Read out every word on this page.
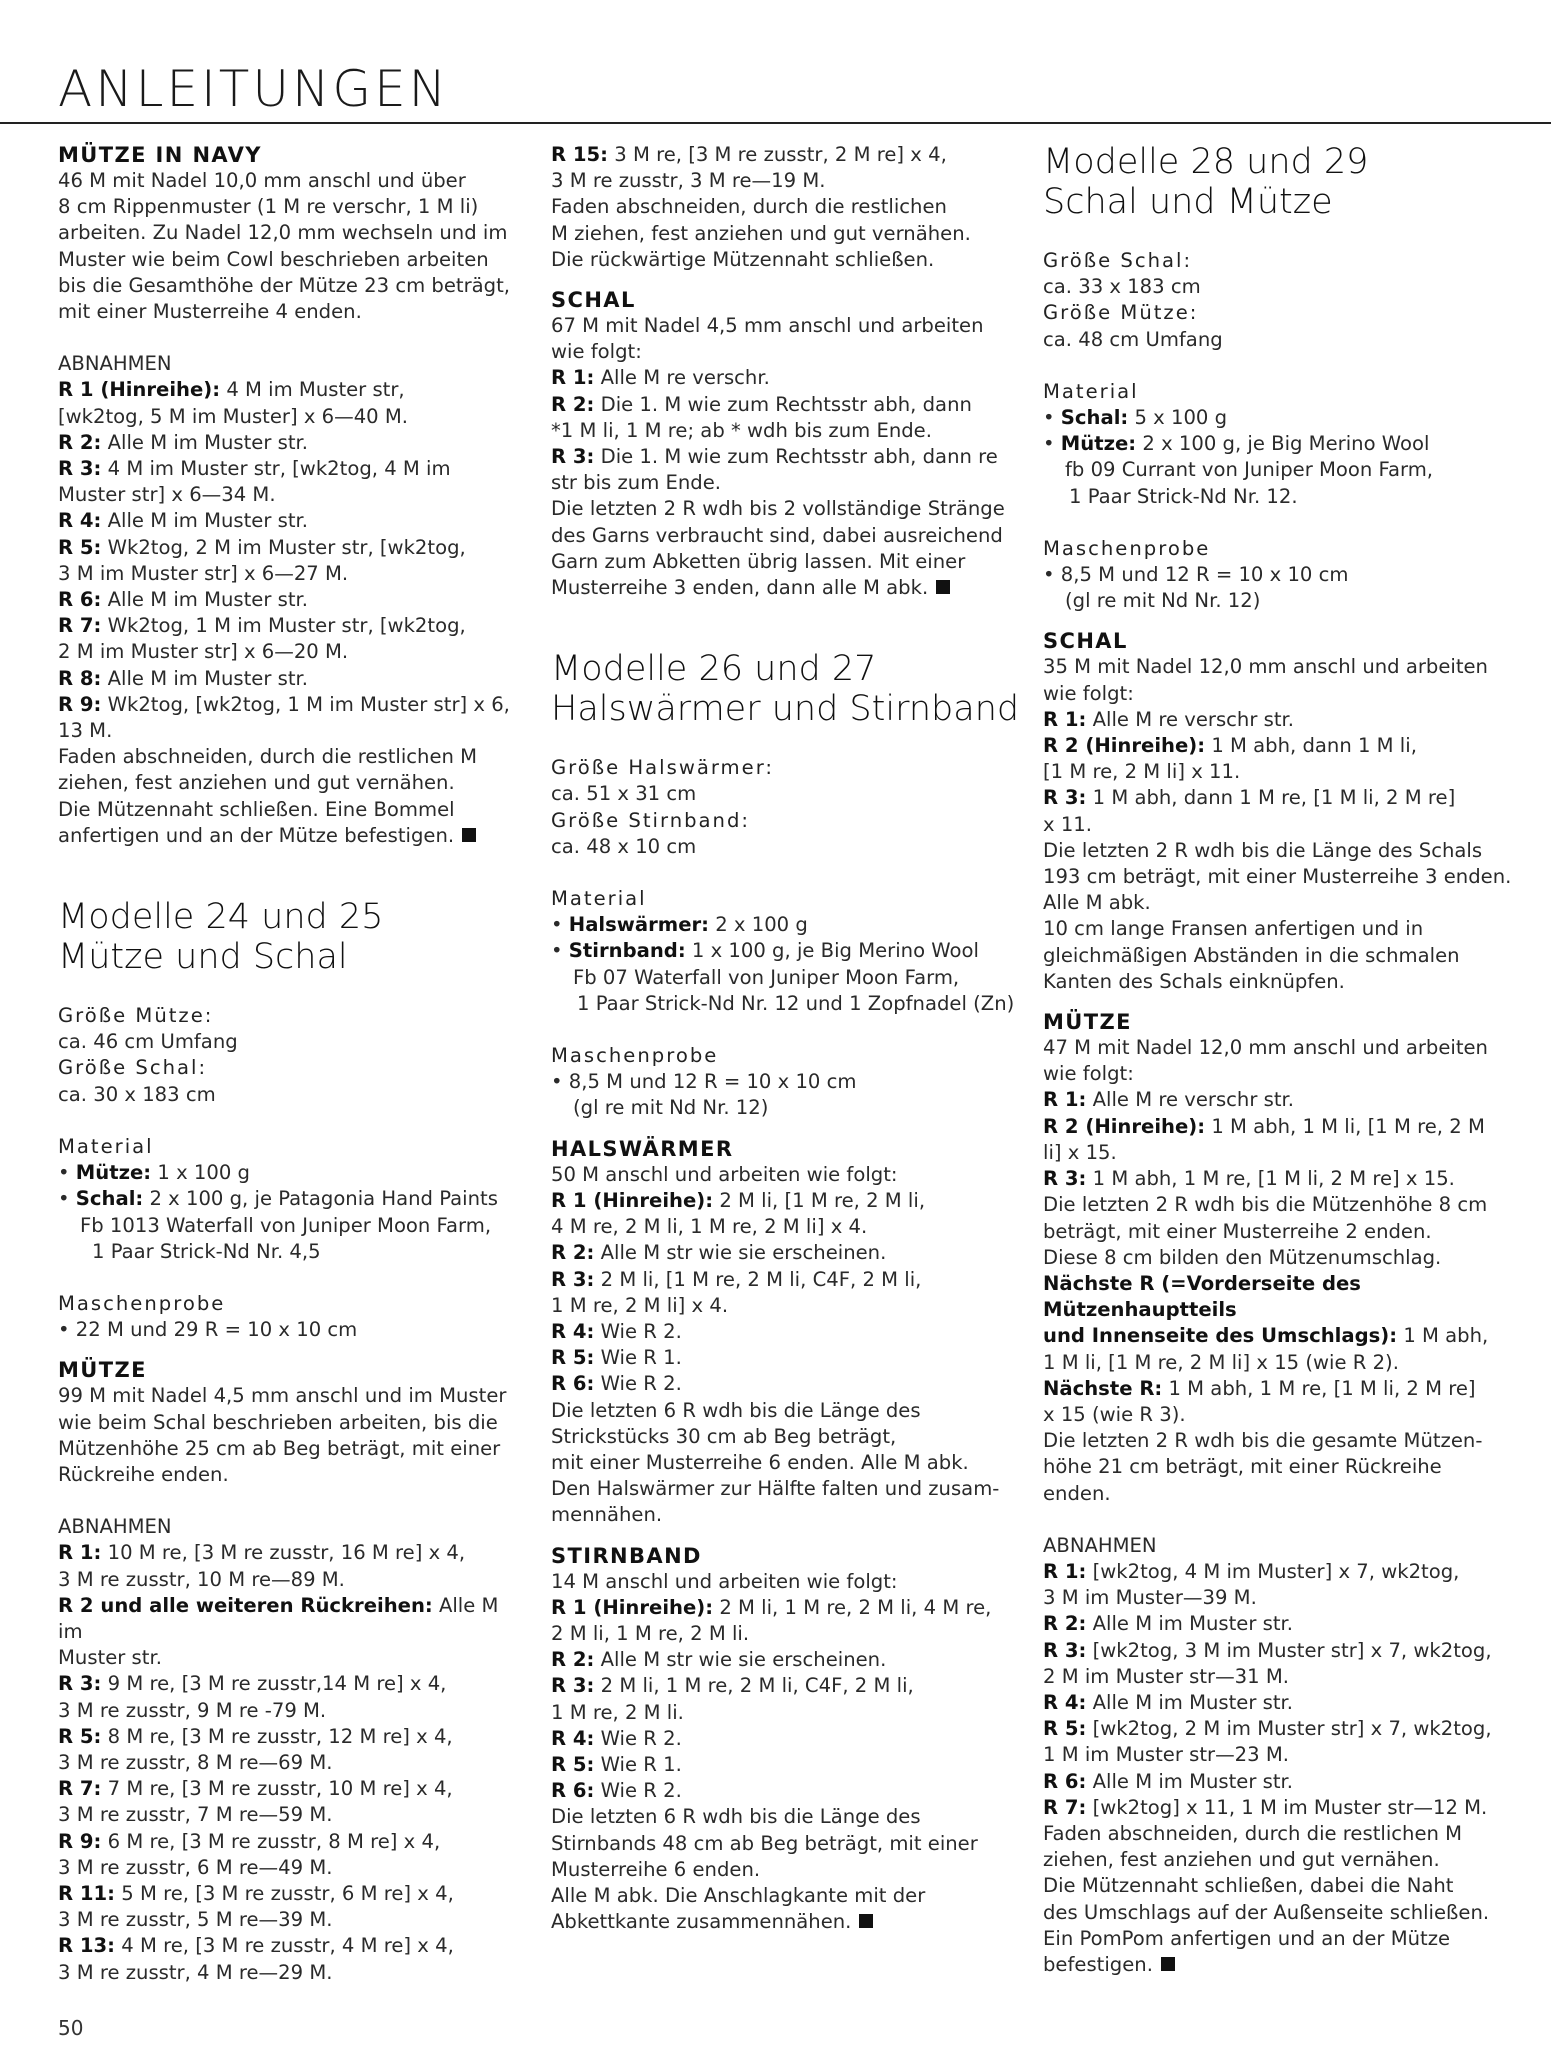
ANLEITUNGEN

MÜTZE IN NAVY

46 M mit Nadel 10,0 mm anschl und über

8 cm Rippenmuster (1 M re verschr, 1 M li)

arbeiten. Zu Nadel 12,0 mm wechseln und im

Muster wie beim Cowl beschrieben arbeiten

bis die Gesamthöhe der Mütze 23 cm beträgt,

mit einer Musterreihe 4 enden.

ABNAHMEN

R 1 (Hinreihe): 4 M im Muster str,

[wk2tog, 5 M im Muster] x 6—40 M.

R 2: Alle M im Muster str.

R 3: 4 M im Muster str, [wk2tog, 4 M im

Muster str] x 6—34 M.

R 4: Alle M im Muster str.

R 5: Wk2tog, 2 M im Muster str, [wk2tog,

3 M im Muster str] x 6—27 M.

R 6: Alle M im Muster str.

R 7: Wk2tog, 1 M im Muster str, [wk2tog,

2 M im Muster str] x 6—20 M.

R 8: Alle M im Muster str.

R 9: Wk2tog, [wk2tog, 1 M im Muster str] x 6,

13 M.

Faden abschneiden, durch die restlichen M

ziehen, fest anziehen und gut vernähen.

Die Mützennaht schließen. Eine Bommel

anfertigen und an der Mütze befestigen.

Modelle 24 und 25

Mütze und Schal

Größe Mütze:

ca. 46 cm Umfang

Größe Schal:

ca. 30 x 183 cm

Material

• Mütze: 1 x 100 g

• Schal: 2 x 100 g, je Patagonia Hand Paints

Fb 1013 Waterfall von Juniper Moon Farm,

1 Paar Strick-Nd Nr. 4,5

Maschenprobe

• 22 M und 29 R = 10 x 10 cm

MÜTZE

99 M mit Nadel 4,5 mm anschl und im Muster

wie beim Schal beschrieben arbeiten, bis die

Mützenhöhe 25 cm ab Beg beträgt, mit einer

Rückreihe enden.

ABNAHMEN

R 1: 10 M re, [3 M re zusstr, 16 M re] x 4,

3 M re zusstr, 10 M re—89 M.

R 2 und alle weiteren Rückreihen: Alle M im

Muster str.

R 3: 9 M re, [3 M re zusstr,14 M re] x 4,

3 M re zusstr, 9 M re -79 M.

R 5: 8 M re, [3 M re zusstr, 12 M re] x 4,

3 M re zusstr, 8 M re—69 M.

R 7: 7 M re, [3 M re zusstr, 10 M re] x 4,

3 M re zusstr, 7 M re—59 M.

R 9: 6 M re, [3 M re zusstr, 8 M re] x 4,

3 M re zusstr, 6 M re—49 M.

R 11: 5 M re, [3 M re zusstr, 6 M re] x 4,

3 M re zusstr, 5 M re—39 M.

R 13: 4 M re, [3 M re zusstr, 4 M re] x 4,

3 M re zusstr, 4 M re—29 M.

R 15: 3 M re, [3 M re zusstr, 2 M re] x 4,

3 M re zusstr, 3 M re—19 M.

Faden abschneiden, durch die restlichen

M ziehen, fest anziehen und gut vernähen.

Die rückwärtige Mützennaht schließen.

SCHAL

67 M mit Nadel 4,5 mm anschl und arbeiten

wie folgt:

R 1: Alle M re verschr.

R 2: Die 1. M wie zum Rechtsstr abh, dann

*1 M li, 1 M re; ab * wdh bis zum Ende.

R 3: Die 1. M wie zum Rechtsstr abh, dann re

str bis zum Ende.

Die letzten 2 R wdh bis 2 vollständige Stränge

des Garns verbraucht sind, dabei ausreichend

Garn zum Abketten übrig lassen. Mit einer

Musterreihe 3 enden, dann alle M abk.

Modelle 26 und 27

Halswärmer und Stirnband

Größe Halswärmer:

ca. 51 x 31 cm

Größe Stirnband:

ca. 48 x 10 cm

Material

• Halswärmer: 2 x 100 g

• Stirnband: 1 x 100 g, je Big Merino Wool

Fb 07 Waterfall von Juniper Moon Farm,

1 Paar Strick-Nd Nr. 12 und 1 Zopfnadel (Zn)

Maschenprobe

• 8,5 M und 12 R = 10 x 10 cm

(gl re mit Nd Nr. 12)

HALSWÄRMER

50 M anschl und arbeiten wie folgt:

R 1 (Hinreihe): 2 M li, [1 M re, 2 M li,

4 M re, 2 M li, 1 M re, 2 M li] x 4.

R 2: Alle M str wie sie erscheinen.

R 3: 2 M li, [1 M re, 2 M li, C4F, 2 M li,

1 M re, 2 M li] x 4.

R 4: Wie R 2.

R 5: Wie R 1.

R 6: Wie R 2.

Die letzten 6 R wdh bis die Länge des

Strickstücks 30 cm ab Beg beträgt,

mit einer Musterreihe 6 enden. Alle M abk.

Den Halswärmer zur Hälfte falten und zusam-

mennähen.

STIRNBAND

14 M anschl und arbeiten wie folgt:

R 1 (Hinreihe): 2 M li, 1 M re, 2 M li, 4 M re,

2 M li, 1 M re, 2 M li.

R 2: Alle M str wie sie erscheinen.

R 3: 2 M li, 1 M re, 2 M li, C4F, 2 M li,

1 M re, 2 M li.

R 4: Wie R 2.

R 5: Wie R 1.

R 6: Wie R 2.

Die letzten 6 R wdh bis die Länge des

Stirnbands 48 cm ab Beg beträgt, mit einer

Musterreihe 6 enden.

Alle M abk. Die Anschlagkante mit der

Abkettkante zusammennähen.

Modelle 28 und 29

Schal und Mütze

Größe Schal:

ca. 33 x 183 cm

Größe Mütze:

ca. 48 cm Umfang

Material

• Schal: 5 x 100 g

• Mütze: 2 x 100 g, je Big Merino Wool

fb 09 Currant von Juniper Moon Farm,

1 Paar Strick-Nd Nr. 12.

Maschenprobe

• 8,5 M und 12 R = 10 x 10 cm

(gl re mit Nd Nr. 12)

SCHAL

35 M mit Nadel 12,0 mm anschl und arbeiten

wie folgt:

R 1: Alle M re verschr str.

R 2 (Hinreihe): 1 M abh, dann 1 M li,

[1 M re, 2 M li] x 11.

R 3: 1 M abh, dann 1 M re, [1 M li, 2 M re]

x 11.

Die letzten 2 R wdh bis die Länge des Schals

193 cm beträgt, mit einer Musterreihe 3 enden.

Alle M abk.

10 cm lange Fransen anfertigen und in

gleichmäßigen Abständen in die schmalen

Kanten des Schals einknüpfen.

MÜTZE

47 M mit Nadel 12,0 mm anschl und arbeiten

wie folgt:

R 1: Alle M re verschr str.

R 2 (Hinreihe): 1 M abh, 1 M li, [1 M re, 2 M

li] x 15.

R 3: 1 M abh, 1 M re, [1 M li, 2 M re] x 15.

Die letzten 2 R wdh bis die Mützenhöhe 8 cm

beträgt, mit einer Musterreihe 2 enden.

Diese 8 cm bilden den Mützenumschlag.

Nächste R (=Vorderseite des Mützenhauptteils

und Innenseite des Umschlags): 1 M abh,

1 M li, [1 M re, 2 M li] x 15 (wie R 2).

Nächste R: 1 M abh, 1 M re, [1 M li, 2 M re]

x 15 (wie R 3).

Die letzten 2 R wdh bis die gesamte Mützen-

höhe 21 cm beträgt, mit einer Rückreihe enden.

ABNAHMEN

R 1: [wk2tog, 4 M im Muster] x 7, wk2tog,

3 M im Muster—39 M.

R 2: Alle M im Muster str.

R 3: [wk2tog, 3 M im Muster str] x 7, wk2tog,

2 M im Muster str—31 M.

R 4: Alle M im Muster str.

R 5: [wk2tog, 2 M im Muster str] x 7, wk2tog,

1 M im Muster str—23 M.

R 6: Alle M im Muster str.

R 7: [wk2tog] x 11, 1 M im Muster str—12 M.

Faden abschneiden, durch die restlichen M

ziehen, fest anziehen und gut vernähen.

Die Mützennaht schließen, dabei die Naht

des Umschlags auf der Außenseite schließen.

Ein PomPom anfertigen und an der Mütze

befestigen.

50
